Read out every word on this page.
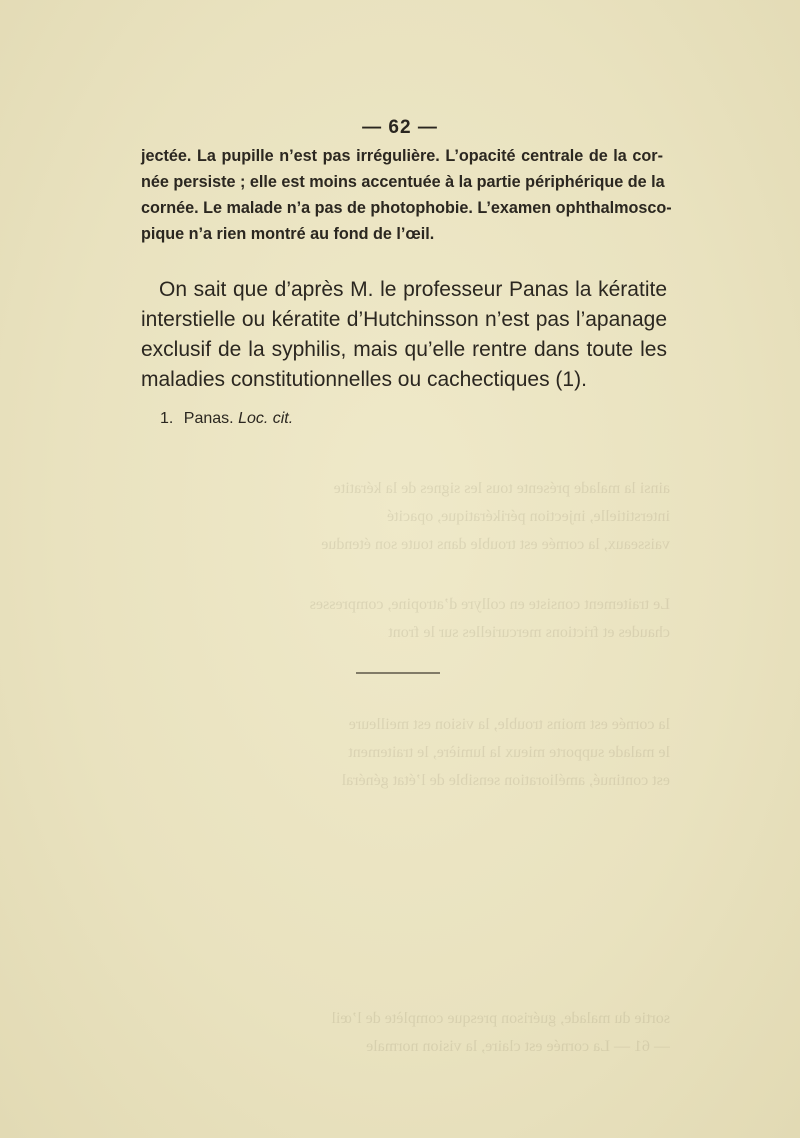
ainsi la malade présente tous les signes de la kératite
interstitielle, injection périkératique, opacité
vaisseaux, la cornée est trouble dans toute son étendue
Le traitement consiste en collyre d’atropine, compresses
chaudes et frictions mercurielles sur le front
la cornée est moins trouble, la vision est meilleure
le malade supporte mieux la lumière, le traitement
est continué, amélioration sensible de l’état général
sortie du malade, guérison presque complète de l’œil
— 61 — La cornée est claire, la vision normale
— 62 —
jectée. La pupille n’est pas irrégulière. L’opacité centrale de la cor-
née persiste ; elle est moins accentuée à la partie périphérique de la
cornée. Le malade n’a pas de photophobie. L’examen ophthalmosco-
pique n’a rien montré au fond de l’œil.
On sait que d’après M. le professeur Panas la kératite
interstielle ou kératite d’Hutchinsson n’est pas l’apanage
exclusif de la syphilis, mais qu’elle rentre dans toute les
maladies constitutionnelles ou cachectiques (1).
1. Panas. Loc. cit.
